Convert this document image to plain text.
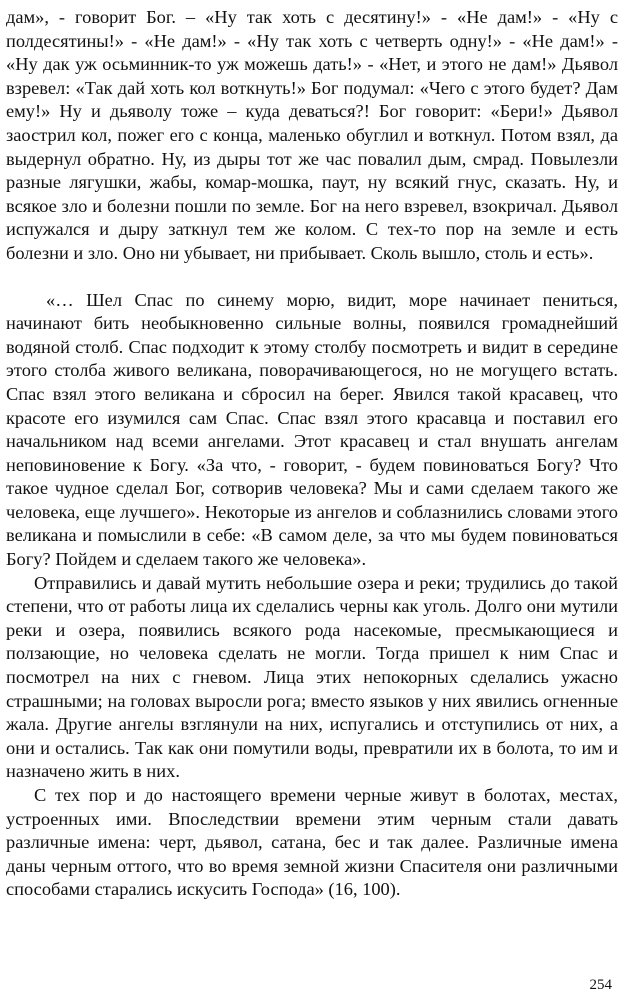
дам», - говорит Бог. – «Ну так хоть с десятину!» - «Не дам!» - «Ну с полдесятины!» - «Не дам!» - «Ну так хоть с четверть одну!» - «Не дам!» - «Ну дак уж осьминник-то уж можешь дать!» - «Нет, и этого не дам!» Дьявол взревел: «Так дай хоть кол воткнуть!» Бог подумал: «Чего с этого будет? Дам ему!» Ну и дьяволу тоже – куда деваться?! Бог говорит: «Бери!» Дьявол заострил кол, пожег его с конца, маленько обуглил и воткнул. Потом взял, да выдернул обратно. Ну, из дыры тот же час повалил дым, смрад. Повылезли разные лягушки, жабы, комар-мошка, паут, ну всякий гнус, сказать. Ну, и всякое зло и болезни пошли по земле. Бог на него взревел, взокричал. Дьявол испужался и дыру заткнул тем же колом. С тех-то пор на земле и есть болезни и зло. Оно ни убывает, ни прибывает. Сколь вышло, столь и есть».

«… Шел Спас по синему морю, видит, море начинает пениться, начинают бить необыкновенно сильные волны, появился громаднейший водяной столб. Спас подходит к этому столбу посмотреть и видит в середине этого столба живого великана, поворачивающегося, но не могущего встать. Спас взял этого великана и сбросил на берег. Явился такой красавец, что красоте его изумился сам Спас. Спас взял этого красавца и поставил его начальником над всеми ангелами. Этот красавец и стал внушать ангелам неповиновение к Богу. «За что, - говорит, - будем повиноваться Богу? Что такое чудное сделал Бог, сотворив человека? Мы и сами сделаем такого же человека, еще лучшего». Некоторые из ангелов и соблазнились словами этого великана и помыслили в себе: «В самом деле, за что мы будем повиноваться Богу? Пойдем и сделаем такого же человека».

Отправились и давай мутить небольшие озера и реки; трудились до такой степени, что от работы лица их сделались черны как уголь. Долго они мутили реки и озера, появились всякого рода насекомые, пресмыкающиеся и ползающие, но человека сделать не могли. Тогда пришел к ним Спас и посмотрел на них с гневом. Лица этих непокорных сделались ужасно страшными; на головах выросли рога; вместо языков у них явились огненные жала. Другие ангелы взглянули на них, испугались и отступились от них, а они и остались. Так как они помутили воды, превратили их в болота, то им и назначено жить в них.

С тех пор и до настоящего времени черные живут в болотах, местах, устроенных ими. Впоследствии времени этим черным стали давать различные имена: черт, дьявол, сатана, бес и так далее. Различные имена даны черным оттого, что во время земной жизни Спасителя они различными способами старались искусить Господа» (16, 100).

254
